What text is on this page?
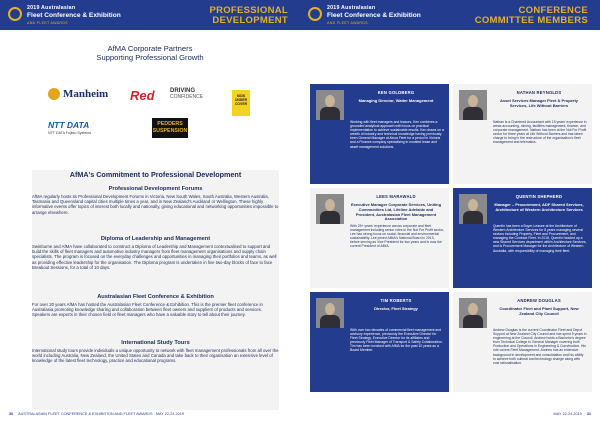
2019 Australasian
Fleet Conference & Exhibition
AND FLEET AWARDS
PROFESSIONAL
DEVELOPMENT
AfMA Corporate Partners
Supporting Professional Growth
Manheim Red	DRIVING
CONFIDENCE	KIDS UNDER COVER
NTT DATA
NTT DATA Fujitsu Systems
PEDDERS SUSPENSION
AfMA's Commitment to Professional Development
Professional Development Forums

AfMA regularly hosts its Professional Development Forums in Victoria, New South Wales, South Australia, Western Australia, Tasmania and Queensland capital cities multiple times a year, and in New Zealand's Auckland or Wellington. These highly informative events offer topics of interest both locally and nationally, giving educational and networking opportunities impossible to arrange elsewhere.

Diploma of Leadership and Management

Swinburne and AfMA have collaborated to construct a Diploma of Leadership and Management contextualised to support and build the skills of fleet managers and automotive industry managers from fleet management organisations and supply chain specialists. The program is focused on the everyday challenges and opportunities in managing their portfolios and teams, as well as providing effective leadership for the organisation. The Diploma program is undertaken in five two-day blocks of face to face Breakout Sessions, for a total of 10 days.

Australasian Fleet Conference & Exhibition

For over 20 years AfMA has hosted the Australasian Fleet Conference & Exhibition. This is the premier fleet conference in Australasia promoting knowledge sharing and collaboration between fleet owners and suppliers of products and services. Speakers are experts in their chosen field or fleet managers who have a valuable story to tell about their journey.

International Study Tours

International study tours provide individuals a unique opportunity to network with fleet management professionals from all over the world including Australia, New Zealand, the United States and Canada and take back to their organisation an extensive level of knowledge of the latest fleet technology, practice and educational programs.

30 AUSTRALASIAN FLEET CONFERENCE & EXHIBITION AND FLEET AWARDS · MAY 22-24 2019
2019 Australasian
Fleet Conference & Exhibition
AND FLEET AWARDS
CONFERENCE
COMMITTEE MEMBERS
KEN GOLDBERG
Managing Director, Waiter Management
Working with fleet managers and leasors, Ken combines a grounded analytical approach with focus on practical implementation to achieve sustainable results. Ken draws on a wealth of industry and technical knowledge having previously been General Manager at Alcoa Fleet for a period in Victoria and a Finance company specialising in novated lease and asset management solutions.
NATHAN REYNOLDS
Asset Services Manager Fleet & Property Services, Life Without Barriers
Nathan is a Chartered Accountant with 15 years' experience in areas accounting, mining, facilities management, finance, and corporate management. Nathan has been at the Not For Profit sector for three years at Life Without Barriers and has taken charge to bring in the restructure of the organisation's fleet management and telematics.
LEES MARAWALD
Executive Manager Corporate Services, Uniting Communities Ltd, Lifeline Adelaide and President, Australasian Fleet Management Association
With 25+ years' experience across corporate and fleet management including senior roles in the Not For Profit sector, Lee has strong focus on social, financial and environmental sustainability. Lee joined AfMA's National Board in 2013, before serving as Vice President for two years and is now the current President of AfMA.
QUENTIN SHEPHERD
Manager – Procurement, ADF Shared Services, Architecture of Western Architecture Services
Quentin has been a Buyer-Leasee at the Architecture of Western Architecture Services for 8 years managing several sectors including Property, Fleet and Procurement, and managing the Contract Fleet. In 2018, Quentin headed up a new Shared Services department within Architecture Services, and is Procurement Manager for the Architecture of Western Australia, with responsibility of managing their fleet.
TIM ROBERTS
Director, Fleet Strategy
With over two decades of commercial fleet management and advisory experience, previously the Executive Director for Fleet Strategy, Executive Director for its affiliates and previously Fleet Manager of Transport & Safety Collaboration. Tim has been involved with AfMA for the past 10 years as a Board Member.
ANDREW DOUGLAS
Coordinator Fleet and Plant Support, New Zealand City Council
Andrew Douglas is the current Coordinator Fleet and Depot Support at New Zealand City Council and has spent 5 years in engineering at the Council. Andrew holds a Bachelor's degree from Technical College to General Manager covering both Production and Operations in Engineering & Construction. His role covers Fleet Management. Andrew has an extensive background in development and consolidation and his ability to achieve both cultural and technology change along with cost rationalisation.
MAY 22-24 2019 31
